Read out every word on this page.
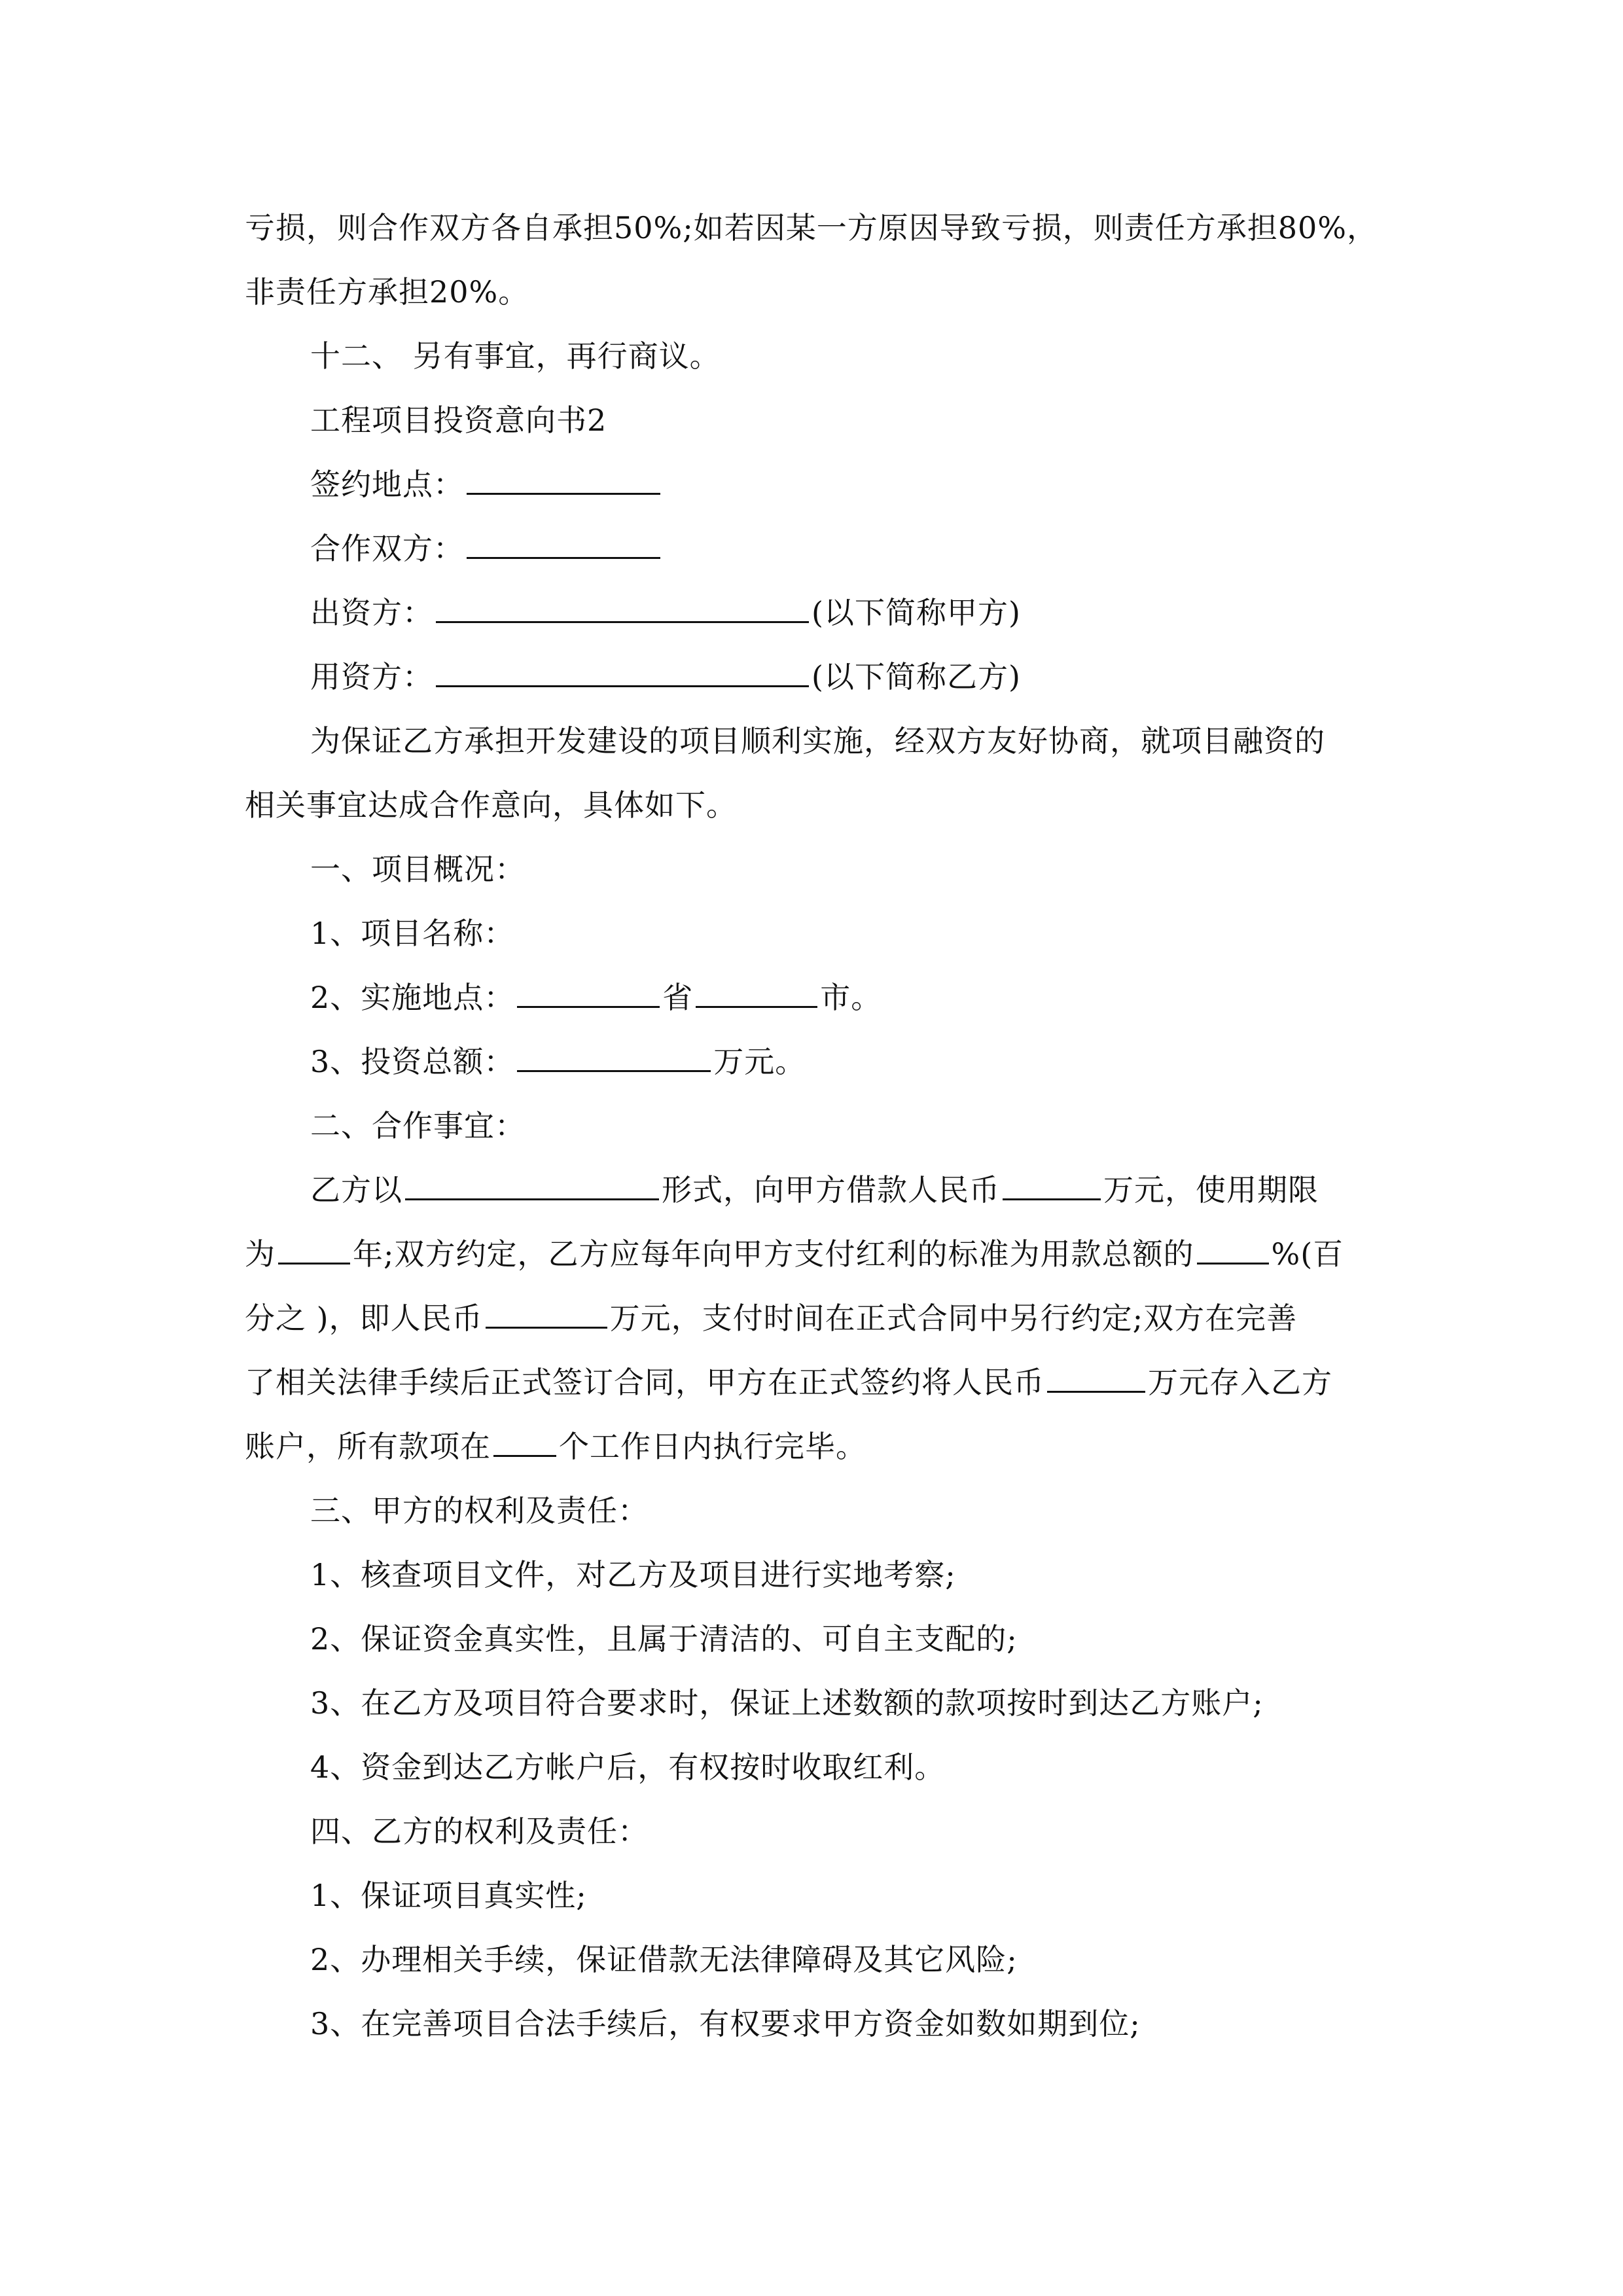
亏损，则合作双方各自承担50%;如若因某一方原因导致亏损，则责任方承担80%，
非责任方承担20%。
十二、 另有事宜，再行商议。
工程项目投资意向书2
签约地点：
合作双方：
出资方：	(以下简称甲方)
用资方：	(以下简称乙方)
为保证乙方承担开发建设的项目顺利实施，经双方友好协商，就项目融资的
相关事宜达成合作意向，具体如下。
一、项目概况：
1、项目名称：
2、实施地点：	省	市。
3、投资总额：	万元。
二、合作事宜：
乙方以	形式，向甲方借款人民币	万元，使用期限
为	年;双方约定，乙方应每年向甲方支付红利的标准为用款总额的	%(百
分之 )，即人民币	万元，支付时间在正式合同中另行约定;双方在完善
了相关法律手续后正式签订合同，甲方在正式签约将人民币	万元存入乙方
账户，所有款项在 个工作日内执行完毕。
三、甲方的权利及责任：
1、核查项目文件，对乙方及项目进行实地考察;
2、保证资金真实性，且属于清洁的、可自主支配的;
3、在乙方及项目符合要求时，保证上述数额的款项按时到达乙方账户;
4、资金到达乙方帐户后，有权按时收取红利。
四、乙方的权利及责任：
1、保证项目真实性;
2、办理相关手续，保证借款无法律障碍及其它风险;
3、在完善项目合法手续后，有权要求甲方资金如数如期到位;
